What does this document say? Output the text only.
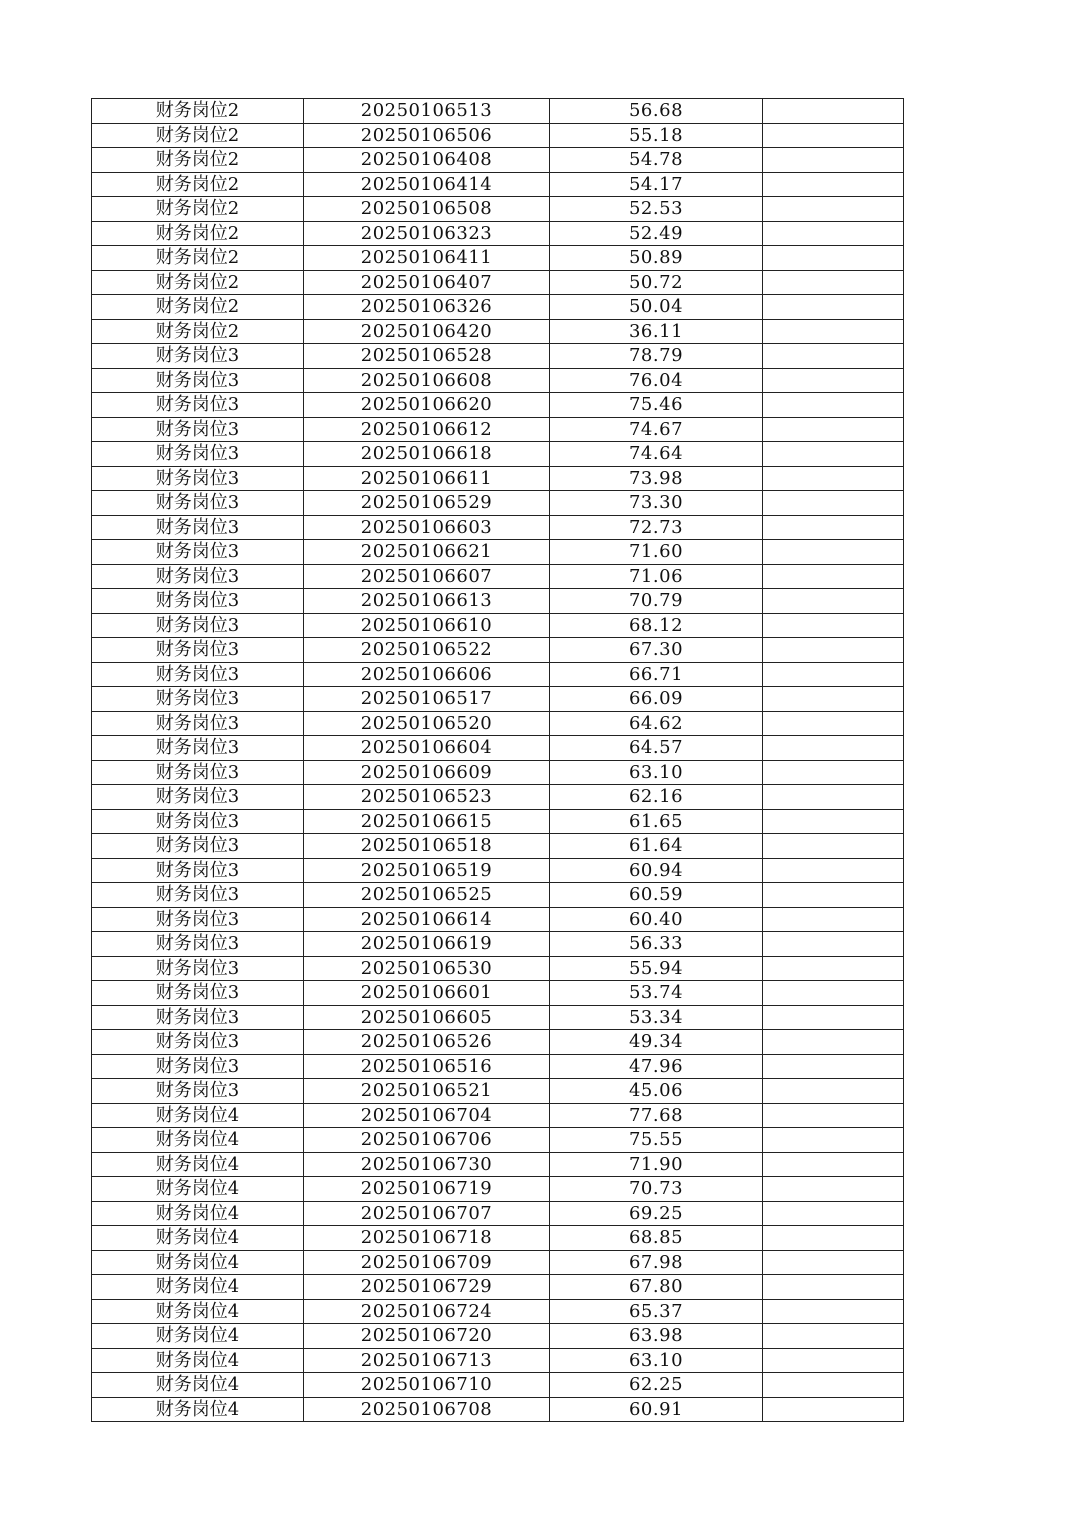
财务岗位2	20250106513	56.68	
财务岗位2	20250106506	55.18	
财务岗位2	20250106408	54.78	
财务岗位2	20250106414	54.17	
财务岗位2	20250106508	52.53	
财务岗位2	20250106323	52.49	
财务岗位2	20250106411	50.89	
财务岗位2	20250106407	50.72	
财务岗位2	20250106326	50.04	
财务岗位2	20250106420	36.11	
财务岗位3	20250106528	78.79	
财务岗位3	20250106608	76.04	
财务岗位3	20250106620	75.46	
财务岗位3	20250106612	74.67	
财务岗位3	20250106618	74.64	
财务岗位3	20250106611	73.98	
财务岗位3	20250106529	73.30	
财务岗位3	20250106603	72.73	
财务岗位3	20250106621	71.60	
财务岗位3	20250106607	71.06	
财务岗位3	20250106613	70.79	
财务岗位3	20250106610	68.12	
财务岗位3	20250106522	67.30	
财务岗位3	20250106606	66.71	
财务岗位3	20250106517	66.09	
财务岗位3	20250106520	64.62	
财务岗位3	20250106604	64.57	
财务岗位3	20250106609	63.10	
财务岗位3	20250106523	62.16	
财务岗位3	20250106615	61.65	
财务岗位3	20250106518	61.64	
财务岗位3	20250106519	60.94	
财务岗位3	20250106525	60.59	
财务岗位3	20250106614	60.40	
财务岗位3	20250106619	56.33	
财务岗位3	20250106530	55.94	
财务岗位3	20250106601	53.74	
财务岗位3	20250106605	53.34	
财务岗位3	20250106526	49.34	
财务岗位3	20250106516	47.96	
财务岗位3	20250106521	45.06	
财务岗位4	20250106704	77.68	
财务岗位4	20250106706	75.55	
财务岗位4	20250106730	71.90	
财务岗位4	20250106719	70.73	
财务岗位4	20250106707	69.25	
财务岗位4	20250106718	68.85	
财务岗位4	20250106709	67.98	
财务岗位4	20250106729	67.80	
财务岗位4	20250106724	65.37	
财务岗位4	20250106720	63.98	
财务岗位4	20250106713	63.10	
财务岗位4	20250106710	62.25	
财务岗位4	20250106708	60.91	
